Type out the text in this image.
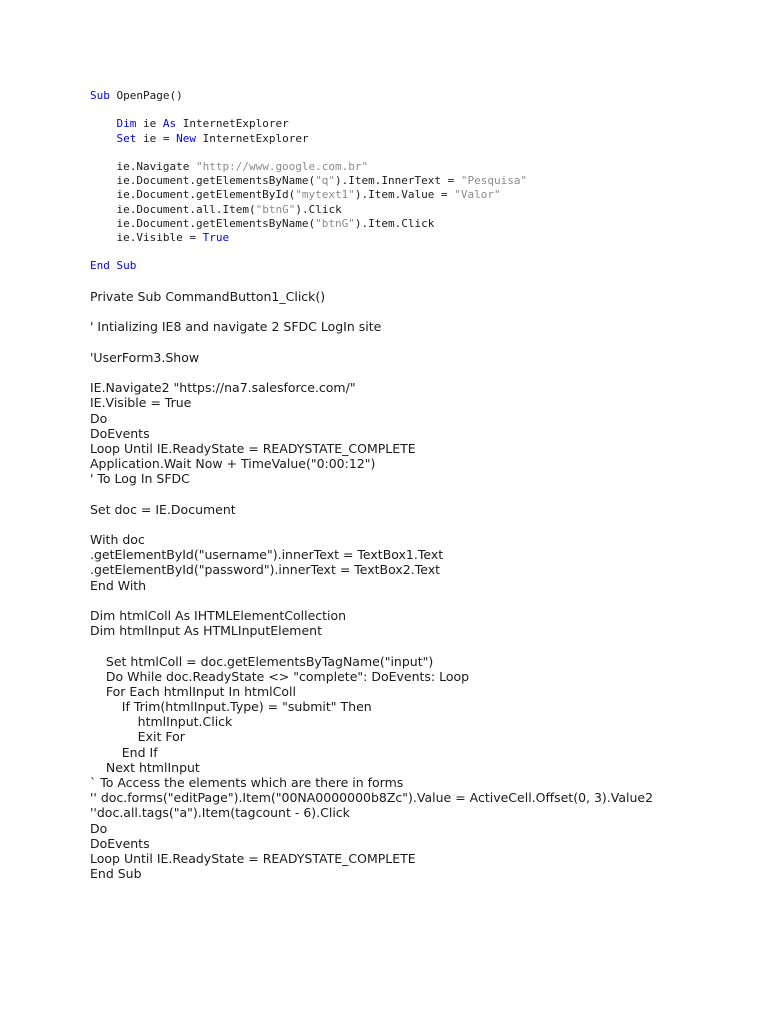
Sub OpenPage()
Dim ie As InternetExplorer
Set ie = New InternetExplorer
ie.Navigate "http://www.google.com.br"
ie.Document.getElementsByName("q").Item.InnerText = "Pesquisa"
ie.Document.getElementById("mytext1").Item.Value = "Valor"
ie.Document.all.Item("btnG").Click
ie.Document.getElementsByName("btnG").Item.Click
ie.Visible = True
End Sub
Private Sub CommandButton1_Click()
' Intializing IE8 and navigate 2 SFDC LogIn site
'UserForm3.Show
IE.Navigate2 "https://na7.salesforce.com/"
IE.Visible = True
Do
DoEvents
Loop Until IE.ReadyState = READYSTATE_COMPLETE
Application.Wait Now + TimeValue("0:00:12")
' To Log In SFDC
Set doc = IE.Document
With doc
.getElementById("username").innerText = TextBox1.Text
.getElementById("password").innerText = TextBox2.Text
End With
Dim htmlColl As IHTMLElementCollection
Dim htmlInput As HTMLInputElement
Set htmlColl = doc.getElementsByTagName("input")
Do While doc.ReadyState <> "complete": DoEvents: Loop
For Each htmlInput In htmlColl
If Trim(htmlInput.Type) = "submit" Then
htmlInput.Click
Exit For
End If
Next htmlInput
` To Access the elements which are there in forms
'' doc.forms("editPage").Item("00NA0000000b8Zc").Value = ActiveCell.Offset(0, 3).Value2
''doc.all.tags("a").Item(tagcount - 6).Click
Do
DoEvents
Loop Until IE.ReadyState = READYSTATE_COMPLETE
End Sub
